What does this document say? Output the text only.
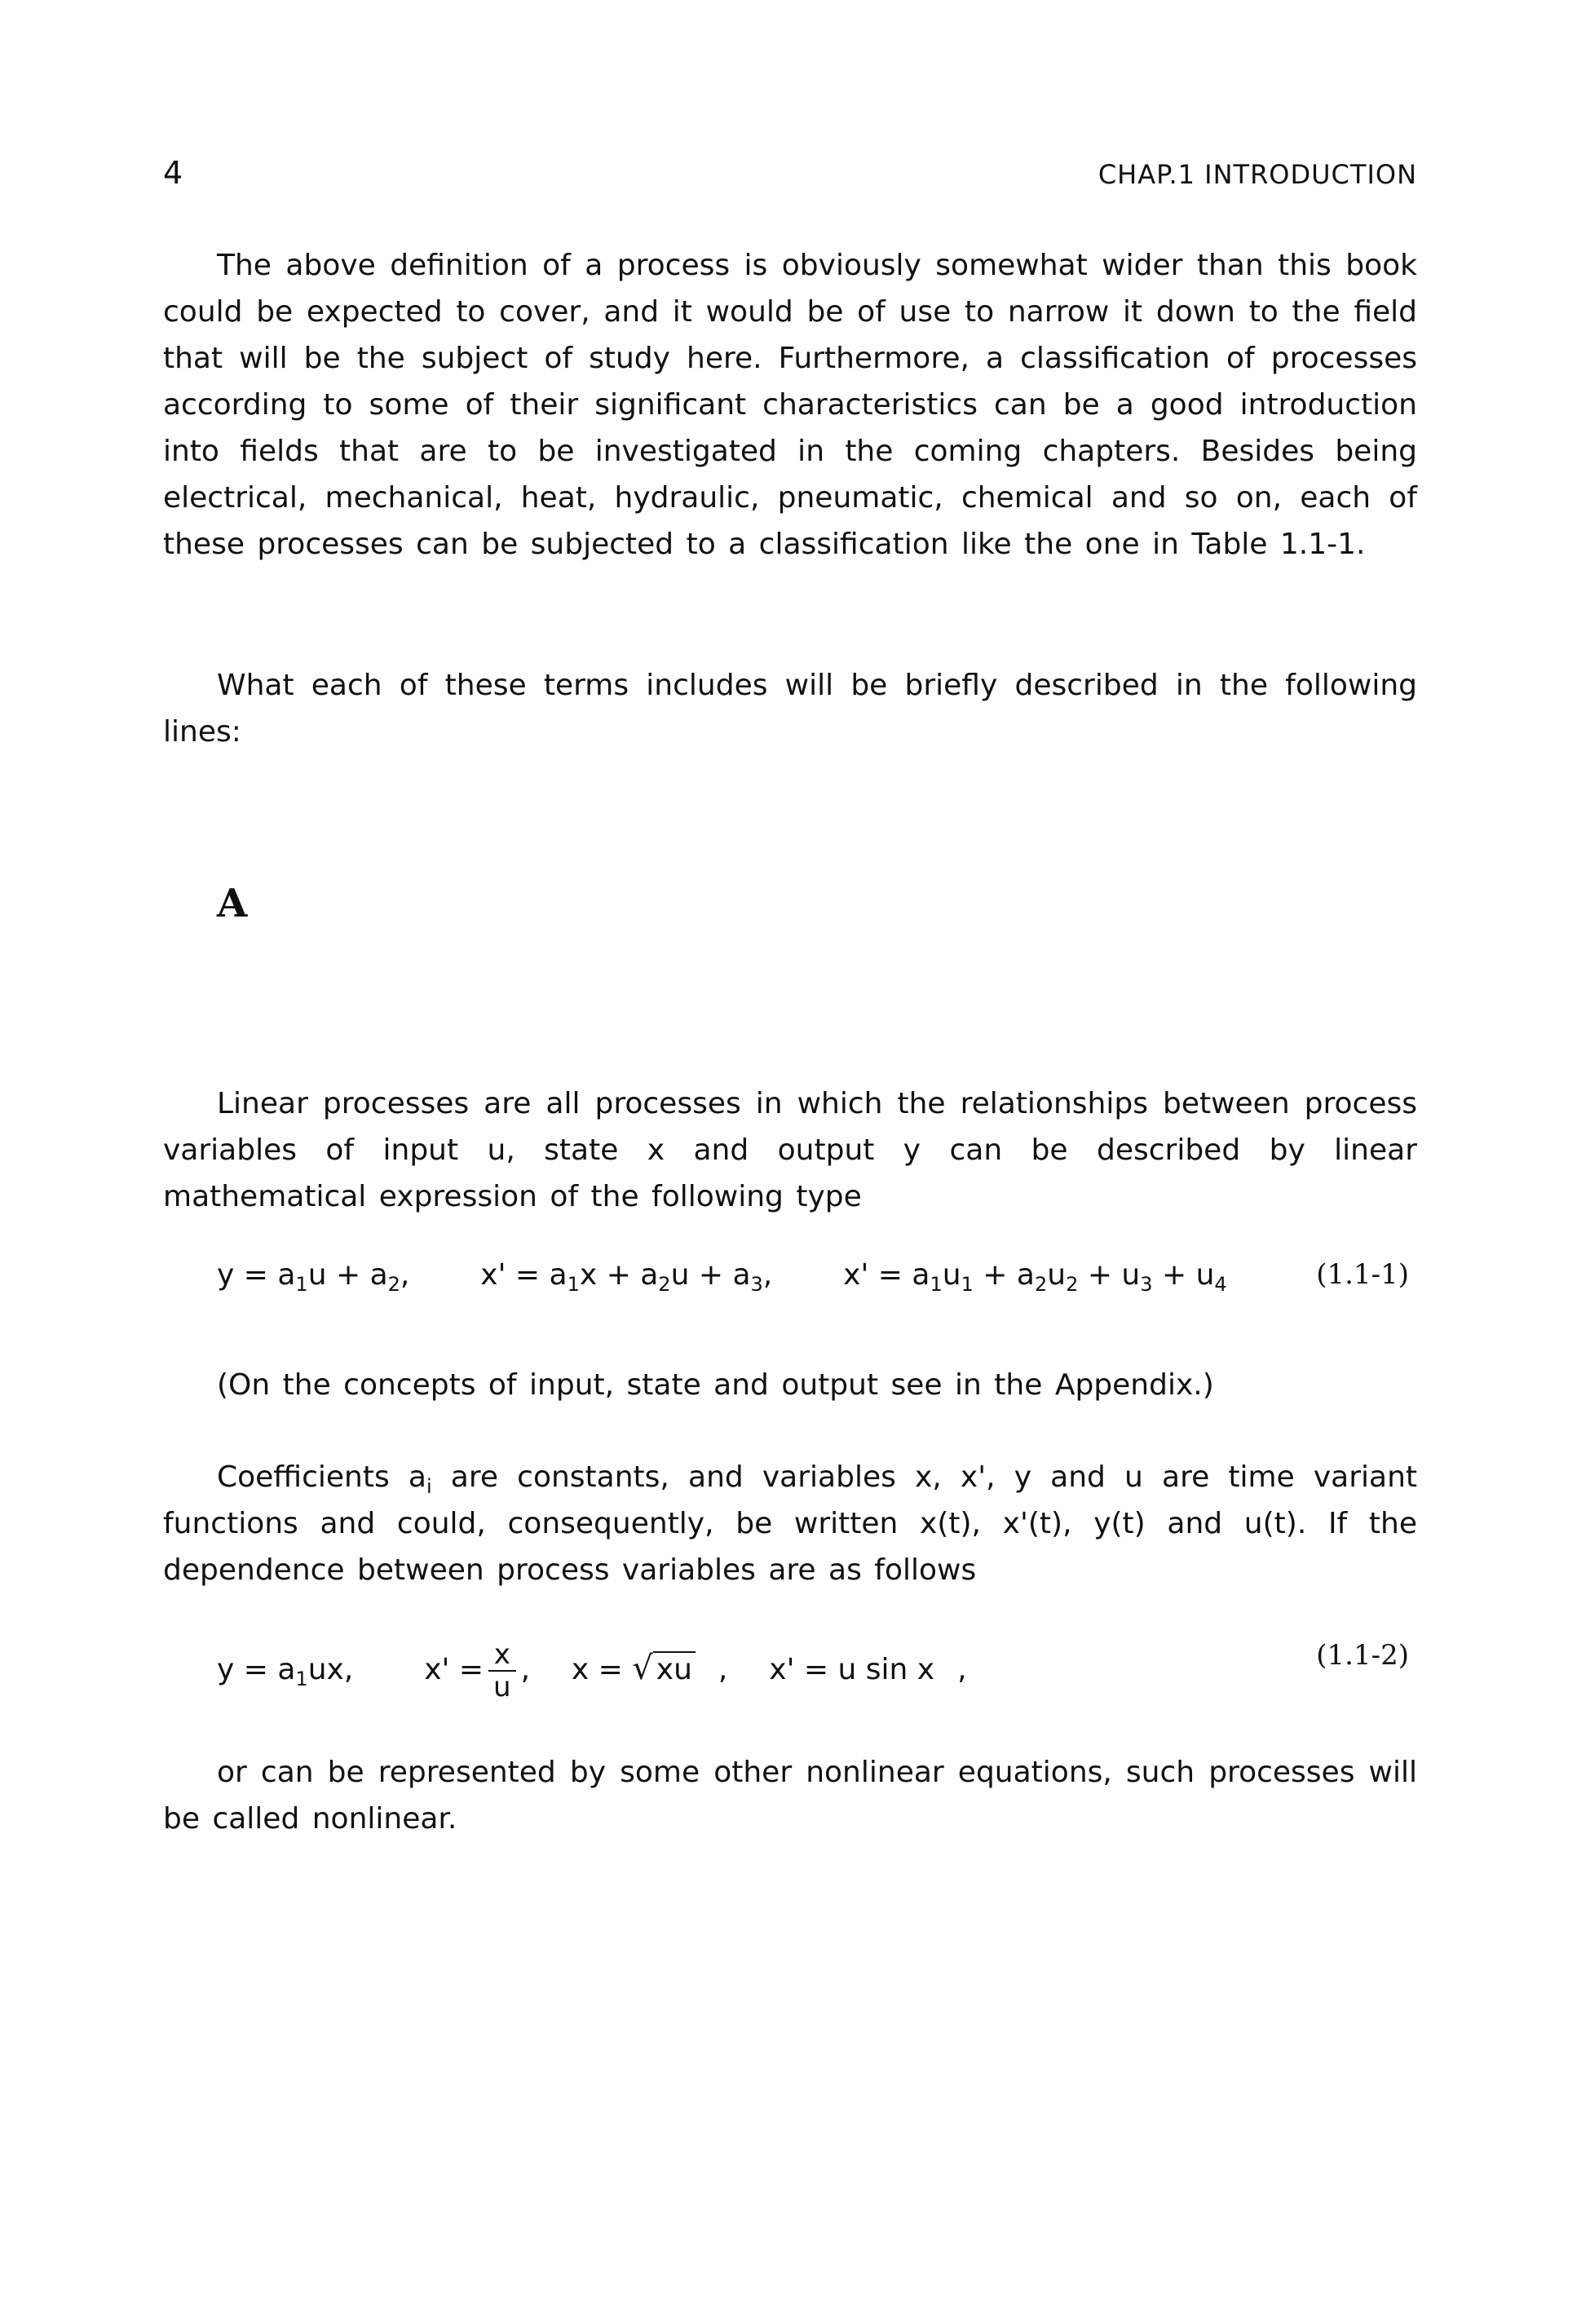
4	CHAP.1 INTRODUCTION

The above definition of a process is obviously somewhat wider than this book could be expected to cover, and it would be of use to narrow it down to the field that will be the subject of study here. Furthermore, a classification of processes according to some of their significant characteristics can be a good introduction into fields that are to be investigated in the coming chapters. Besides being electrical, mechanical, heat, hydraulic, pneumatic, chemical and so on, each of these processes can be subjected to a classification like the one in Table 1.1-1.

What each of these terms includes will be briefly described in the following lines:

A

Linear processes are all processes in which the relationships between process variables of input u, state x and output y can be described by linear mathematical expression of the following type

$y = a_1u + a_2$, $x' = a_1x + a_2u + a_3$, $x' = a_1u_1 + a_2u_2 + u_3 + u_4$	(1.1-1)

(On the concepts of input, state and output see in the Appendix.)

Coefficients $a_i$ are constants, and variables x, x', y and u are time variant functions and could, consequently, be written x(t), x'(t), y(t) and u(t). If the dependence between process variables are as follows

$y = a_1ux$, $x' = \frac{x}{u}$ , x = √ xu , x' = u sin x ,	(1.1-2)

or can be represented by some other nonlinear equations, such processes will be called nonlinear.
